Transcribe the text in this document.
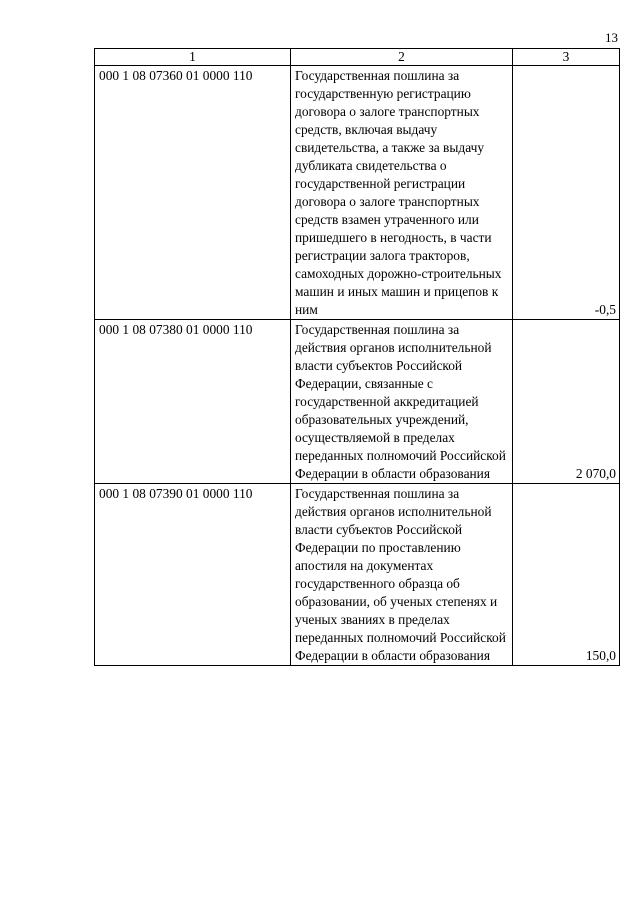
13
1	2	3
000 1 08 07360 01 0000 110	Государственная пошлина за государственную регистрацию договора о залоге транспортных средств, включая выдачу свидетельства, а также за выдачу дубликата свидетельства о государственной регистрации договора о залоге транспортных средств взамен утраченного или пришедшего в негодность, в части регистрации залога тракторов, самоходных дорожно-строительных машин и иных машин и прицепов к ним	-0,5
000 1 08 07380 01 0000 110	Государственная пошлина за действия органов исполнительной власти субъектов Российской Федерации, связанные с государственной аккредитацией образовательных учреждений, осуществляемой в пределах переданных полномочий Российской Федерации в области образования	2 070,0
000 1 08 07390 01 0000 110	Государственная пошлина за действия органов исполнительной власти субъектов Российской Федерации по проставлению апостиля на документах государственного образца об образовании, об ученых степенях и ученых званиях в пределах переданных полномочий Российской Федерации в области образования	150,0
